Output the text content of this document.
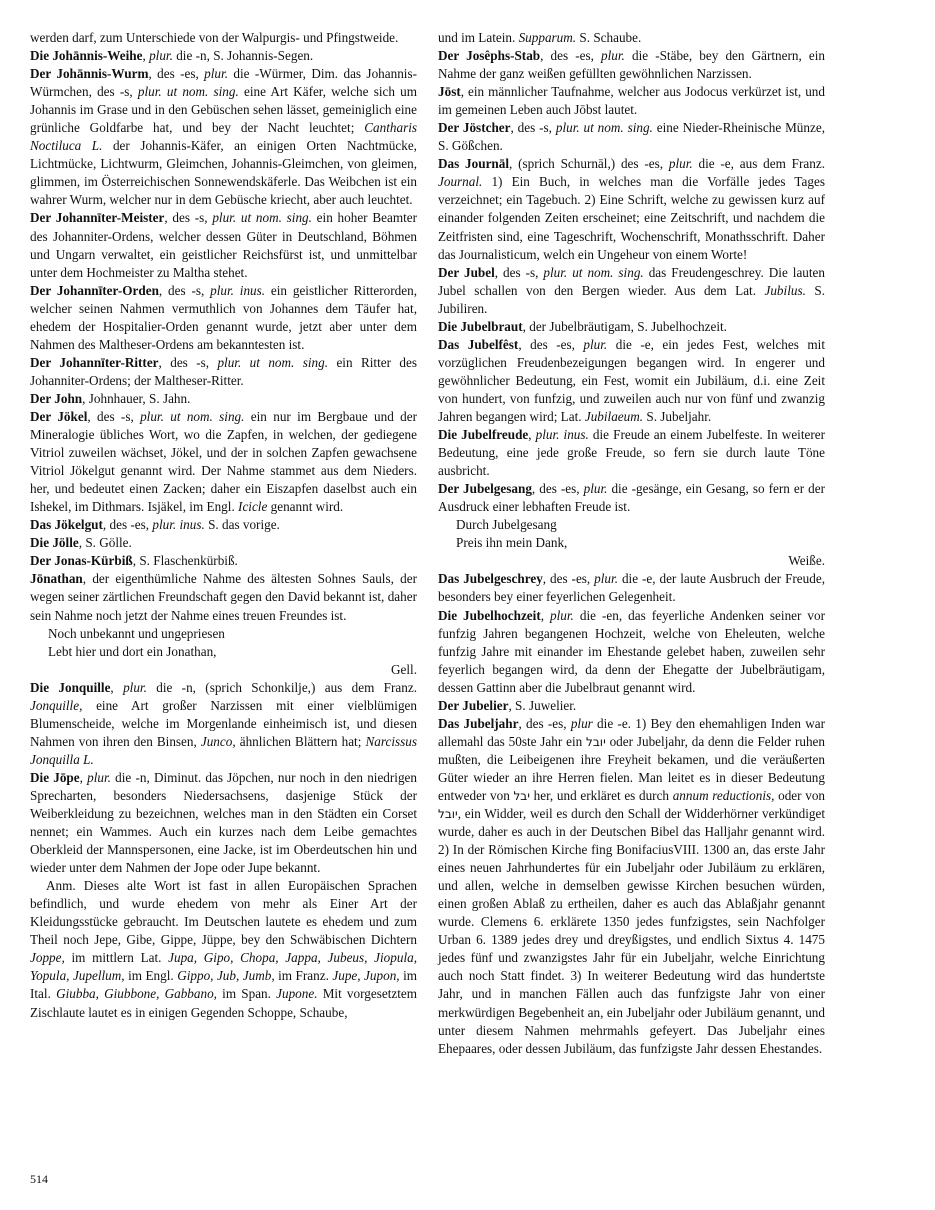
werden darf, zum Unterschiede von der Walpurgis- und Pfingstweide.

Die Johānnis-Weihe, plur. die -n, S. Johannis-Segen.

Der Johānnis-Wurm, des -es, plur. die -Würmer, Dim. das Johannis-Würmchen, des -s, plur. ut nom. sing. eine Art Käfer, welche sich um Johannis im Grase und in den Gebüschen sehen lässet, gemeiniglich eine grünliche Goldfarbe hat, und bey der Nacht leuchtet; Cantharis Noctiluca L. der Johannis-Käfer, an einigen Orten Nachtmücke, Lichtmücke, Lichtwurm, Gleimchen, Johannis-Gleimchen, von gleimen, glimmen, im Österreichischen Sonnewendskäferle. Das Weibchen ist ein wahrer Wurm, welcher nur in dem Gebüsche kriecht, aber auch leuchtet.

Der Johannīter-Meister, des -s, plur. ut nom. sing. ein hoher Beamter des Johanniter-Ordens, welcher dessen Güter in Deutschland, Böhmen und Ungarn verwaltet, ein geistlicher Reichsfürst ist, und unmittelbar unter dem Hochmeister zu Maltha stehet.

Der Johannīter-Orden, des -s, plur. inus. ein geistlicher Ritterorden, welcher seinen Nahmen vermuthlich von Johannes dem Täufer hat, ehedem der Hospitalier-Orden genannt wurde, jetzt aber unter dem Nahmen des Maltheser-Ordens am bekanntesten ist.

Der Johannīter-Ritter, des -s, plur. ut nom. sing. ein Ritter des Johanniter-Ordens; der Maltheser-Ritter.

Der John, Johnhauer, S. Jahn.

Der Jökel, des -s, plur. ut nom. sing. ein nur im Bergbaue und der Mineralogie übliches Wort, wo die Zapfen, in welchen, der gediegene Vitriol zuweilen wächset, Jökel, und der in solchen Zapfen gewachsene Vitriol Jökelgut genannt wird. Der Nahme stammet aus dem Nieders. her, und bedeutet einen Zacken; daher ein Eiszapfen daselbst auch ein Ishekel, im Dithmars. Isjäkel, im Engl. Icicle genannt wird.

Das Jökelgut, des -es, plur. inus. S. das vorige.

Die Jölle, S. Gölle.

Der Jonas-Kürbiß, S. Flaschenkürbiß.

Jōnathan, der eigenthümliche Nahme des ältesten Sohnes Sauls, der wegen seiner zärtlichen Freundschaft gegen den David bekannt ist, daher sein Nahme noch jetzt der Nahme eines treuen Freundes ist.

Noch unbekannt und ungepriesen

Lebt hier und dort ein Jonathan,

Gell.

Die Jonquille, plur. die -n, (sprich Schonkilje,) aus dem Franz. Jonquille, eine Art großer Narzissen mit einer vielblümigen Blumenscheide, welche im Morgenlande einheimisch ist, und diesen Nahmen von ihren den Binsen, Junco, ähnlichen Blättern hat; Narcissus Jonquilla L.

Die Jōpe, plur. die -n, Diminut. das Jöpchen, nur noch in den niedrigen Sprecharten, besonders Niedersachsens, dasjenige Stück der Weiberkleidung zu bezeichnen, welches man in den Städten ein Corset nennet; ein Wammes. Auch ein kurzes nach dem Leibe gemachtes Oberkleid der Mannspersonen, eine Jacke, ist im Oberdeutschen hin und wieder unter dem Nahmen der Jope oder Jupe bekannt.

Anm. Dieses alte Wort ist fast in allen Europäischen Sprachen befindlich, und wurde ehedem von mehr als Einer Art der Kleidungsstücke gebraucht. Im Deutschen lautete es ehedem und zum Theil noch Jepe, Gibe, Gippe, Jüppe, bey den Schwäbischen Dichtern Joppe, im mittlern Lat. Jupa, Gipo, Chopa, Jappa, Jubeus, Jiopula, Yopula, Jupellum, im Engl. Gippo, Jub, Jumb, im Franz. Jupe, Jupon, im Ital. Giubba, Giubbone, Gabbano, im Span. Jupone. Mit vorgesetztem Zischlaute lautet es in einigen Gegenden Schoppe, Schaube,

und im Latein. Supparum. S. Schaube.

Der Josêphs-Stab, des -es, plur. die -Stäbe, bey den Gärtnern, ein Nahme der ganz weißen gefüllten gewöhnlichen Narzissen.

Jōst, ein männlicher Taufnahme, welcher aus Jodocus verkürzet ist, und im gemeinen Leben auch Jōbst lautet.

Der Jöstcher, des -s, plur. ut nom. sing. eine Nieder-Rheinische Münze, S. Gößchen.

Das Journāl, (sprich Schurnāl,) des -es, plur. die -e, aus dem Franz. Journal. 1) Ein Buch, in welches man die Vorfälle jedes Tages verzeichnet; ein Tagebuch. 2) Eine Schrift, welche zu gewissen kurz auf einander folgenden Zeiten erscheinet; eine Zeitschrift, und nachdem die Zeitfristen sind, eine Tageschrift, Wochenschrift, Monathsschrift. Daher das Journalisticum, welch ein Ungeheur von einem Worte!

Der Jubel, des -s, plur. ut nom. sing. das Freudengeschrey. Die lauten Jubel schallen von den Bergen wieder. Aus dem Lat. Jubilus. S. Jubiliren.

Die Jubelbraut, der Jubelbräutigam, S. Jubelhochzeit.

Das Jubelfêst, des -es, plur. die -e, ein jedes Fest, welches mit vorzüglichen Freudenbezeigungen begangen wird. In engerer und gewöhnlicher Bedeutung, ein Fest, womit ein Jubiläum, d.i. eine Zeit von hundert, von funfzig, und zuweilen auch nur von fünf und zwanzig Jahren begangen wird; Lat. Jubilaeum. S. Jubeljahr.

Die Jubelfreude, plur. inus. die Freude an einem Jubelfeste. In weiterer Bedeutung, eine jede große Freude, so fern sie durch laute Töne ausbricht.

Der Jubelgesang, des -es, plur. die -gesänge, ein Gesang, so fern er der Ausdruck einer lebhaften Freude ist.

Durch Jubelgesang

Preis ihn mein Dank,

Weiße.

Das Jubelgeschrey, des -es, plur. die -e, der laute Ausbruch der Freude, besonders bey einer feyerlichen Gelegenheit.

Die Jubelhochzeit, plur. die -en, das feyerliche Andenken seiner vor funfzig Jahren begangenen Hochzeit, welche von Eheleuten, welche funfzig Jahre mit einander im Ehestande gelebet haben, zuweilen sehr feyerlich begangen wird, da denn der Ehegatte der Jubelbräutigam, dessen Gattinn aber die Jubelbraut genannt wird.

Der Jubelier, S. Juwelier.

Das Jubeljahr, des -es, plur die -e. 1) Bey den ehemahligen Inden war allemahl das 50ste Jahr ein יובל oder Jubeljahr, da denn die Felder ruhen mußten, die Leibeigenen ihre Freyheit bekamen, und die veräußerten Güter wieder an ihre Herren fielen. Man leitet es in dieser Bedeutung entweder von יבל her, und erkläret es durch annum reductionis, oder von יובל, ein Widder, weil es durch den Schall der Widderhörner verkündiget wurde, daher es auch in der Deutschen Bibel das Halljahr genannt wird. 2) In der Römischen Kirche fing BonifaciusVIII. 1300 an, das erste Jahr eines neuen Jahrhundertes für ein Jubeljahr oder Jubiläum zu erklären, und allen, welche in demselben gewisse Kirchen besuchen würden, einen großen Ablaß zu ertheilen, daher es auch das Ablaßjahr genannt wurde. Clemens 6. erklärete 1350 jedes funfzigstes, sein Nachfolger Urban 6. 1389 jedes drey und dreyßigstes, und endlich Sixtus 4. 1475 jedes fünf und zwanzigstes Jahr für ein Jubeljahr, welche Einrichtung auch noch Statt findet. 3) In weiterer Bedeutung wird das hundertste Jahr, und in manchen Fällen auch das funfzigste Jahr von einer merkwürdigen Begebenheit an, ein Jubeljahr oder Jubiläum genannt, und unter diesem Nahmen mehrmahls gefeyert. Das Jubeljahr eines Ehepaares, oder dessen Jubiläum, das funfzigste Jahr dessen Ehestandes.

514
